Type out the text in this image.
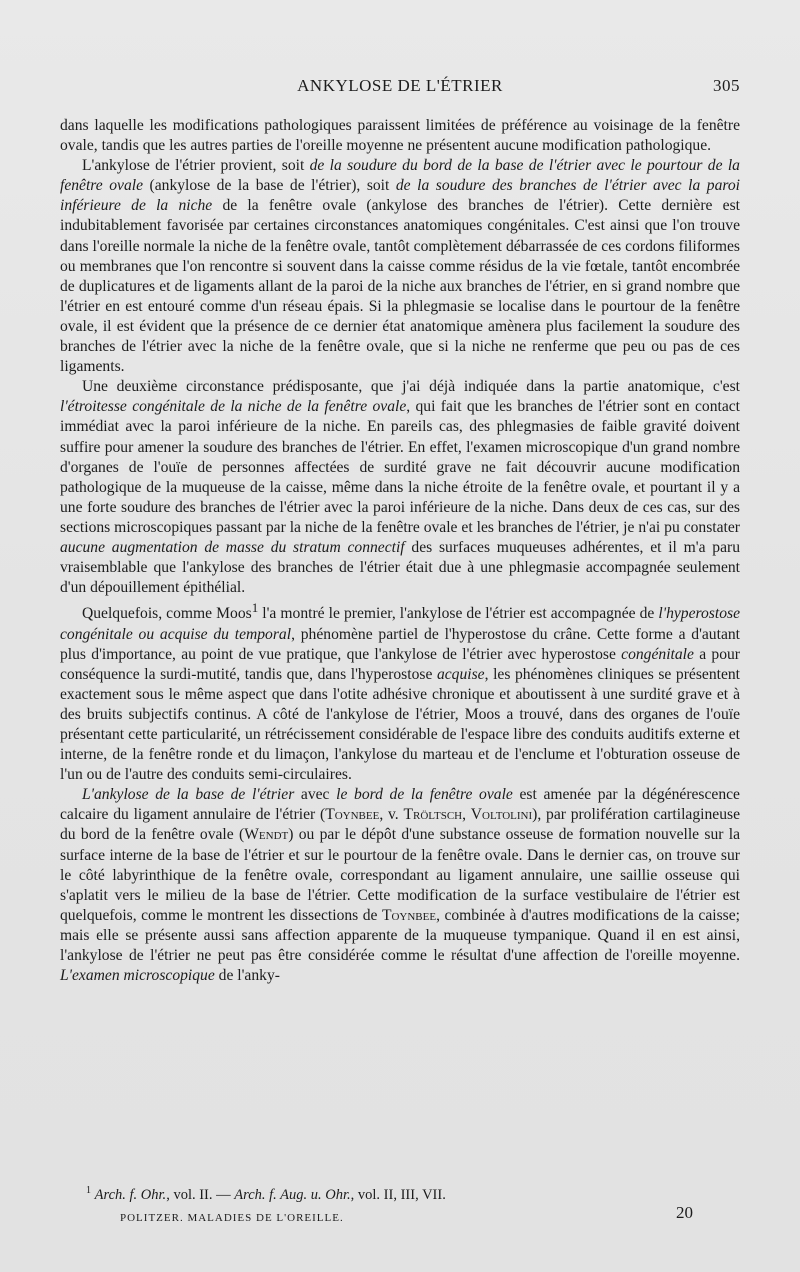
ANKYLOSE DE L'ÉTRIER	305

dans laquelle les modifications pathologiques paraissent limitées de préférence au voisinage de la fenêtre ovale, tandis que les autres parties de l'oreille moyenne ne présentent aucune modification pathologique.

L'ankylose de l'étrier provient, soit de la soudure du bord de la base de l'étrier avec le pourtour de la fenêtre ovale (ankylose de la base de l'étrier), soit de la soudure des branches de l'étrier avec la paroi inférieure de la niche de la fenêtre ovale (ankylose des branches de l'étrier). Cette dernière est indubitablement favorisée par certaines circonstances anatomiques congénitales. C'est ainsi que l'on trouve dans l'oreille normale la niche de la fenêtre ovale, tantôt complètement débarrassée de ces cordons filiformes ou membranes que l'on rencontre si souvent dans la caisse comme résidus de la vie fœtale, tantôt encombrée de duplicatures et de ligaments allant de la paroi de la niche aux branches de l'étrier, en si grand nombre que l'étrier en est entouré comme d'un réseau épais. Si la phlegmasie se localise dans le pourtour de la fenêtre ovale, il est évident que la présence de ce dernier état anatomique amènera plus facilement la soudure des branches de l'étrier avec la niche de la fenêtre ovale, que si la niche ne renferme que peu ou pas de ces ligaments.

Une deuxième circonstance prédisposante, que j'ai déjà indiquée dans la partie anatomique, c'est l'étroitesse congénitale de la niche de la fenêtre ovale, qui fait que les branches de l'étrier sont en contact immédiat avec la paroi inférieure de la niche. En pareils cas, des phlegmasies de faible gravité doivent suffire pour amener la soudure des branches de l'étrier. En effet, l'examen microscopique d'un grand nombre d'organes de l'ouïe de personnes affectées de surdité grave ne fait découvrir aucune modification pathologique de la muqueuse de la caisse, même dans la niche étroite de la fenêtre ovale, et pourtant il y a une forte soudure des branches de l'étrier avec la paroi inférieure de la niche. Dans deux de ces cas, sur des sections microscopiques passant par la niche de la fenêtre ovale et les branches de l'étrier, je n'ai pu constater aucune augmentation de masse du stratum connectif des surfaces muqueuses adhérentes, et il m'a paru vraisemblable que l'ankylose des branches de l'étrier était due à une phlegmasie accompagnée seulement d'un dépouillement épithélial.

Quelquefois, comme Moos$^1$ l'a montré le premier, l'ankylose de l'étrier est accompagnée de l'hyperostose congénitale ou acquise du temporal, phénomène partiel de l'hyperostose du crâne. Cette forme a d'autant plus d'importance, au point de vue pratique, que l'ankylose de l'étrier avec hyperostose congénitale a pour conséquence la surdi-mutité, tandis que, dans l'hyperostose acquise, les phénomènes cliniques se présentent exactement sous le même aspect que dans l'otite adhésive chronique et aboutissent à une surdité grave et à des bruits subjectifs continus. A côté de l'ankylose de l'étrier, Moos a trouvé, dans des organes de l'ouïe présentant cette particularité, un rétrécissement considérable de l'espace libre des conduits auditifs externe et interne, de la fenêtre ronde et du limaçon, l'ankylose du marteau et de l'enclume et l'obturation osseuse de l'un ou de l'autre des conduits semi-circulaires.

L'ankylose de la base de l'étrier avec le bord de la fenêtre ovale est amenée par la dégénérescence calcaire du ligament annulaire de l'étrier (Toynbee, v. Tröltsch, Voltolini), par prolifération cartilagineuse du bord de la fenêtre ovale (Wendt) ou par le dépôt d'une substance osseuse de formation nouvelle sur la surface interne de la base de l'étrier et sur le pourtour de la fenêtre ovale. Dans le dernier cas, on trouve sur le côté labyrinthique de la fenêtre ovale, correspondant au ligament annulaire, une saillie osseuse qui s'aplatit vers le milieu de la base de l'étrier. Cette modification de la surface vestibulaire de l'étrier est quelquefois, comme le montrent les dissections de Toynbee, combinée à d'autres modifications de la caisse; mais elle se présente aussi sans affection apparente de la muqueuse tympanique. Quand il en est ainsi, l'ankylose de l'étrier ne peut pas être considérée comme le résultat d'une affection de l'oreille moyenne. L'examen microscopique de l'anky-

$^1$ Arch. f. Ohr., vol. II. — Arch. f. Aug. u. Ohr., vol. II, III, VII.
POLITZER. MALADIES DE L'OREILLE.	20
